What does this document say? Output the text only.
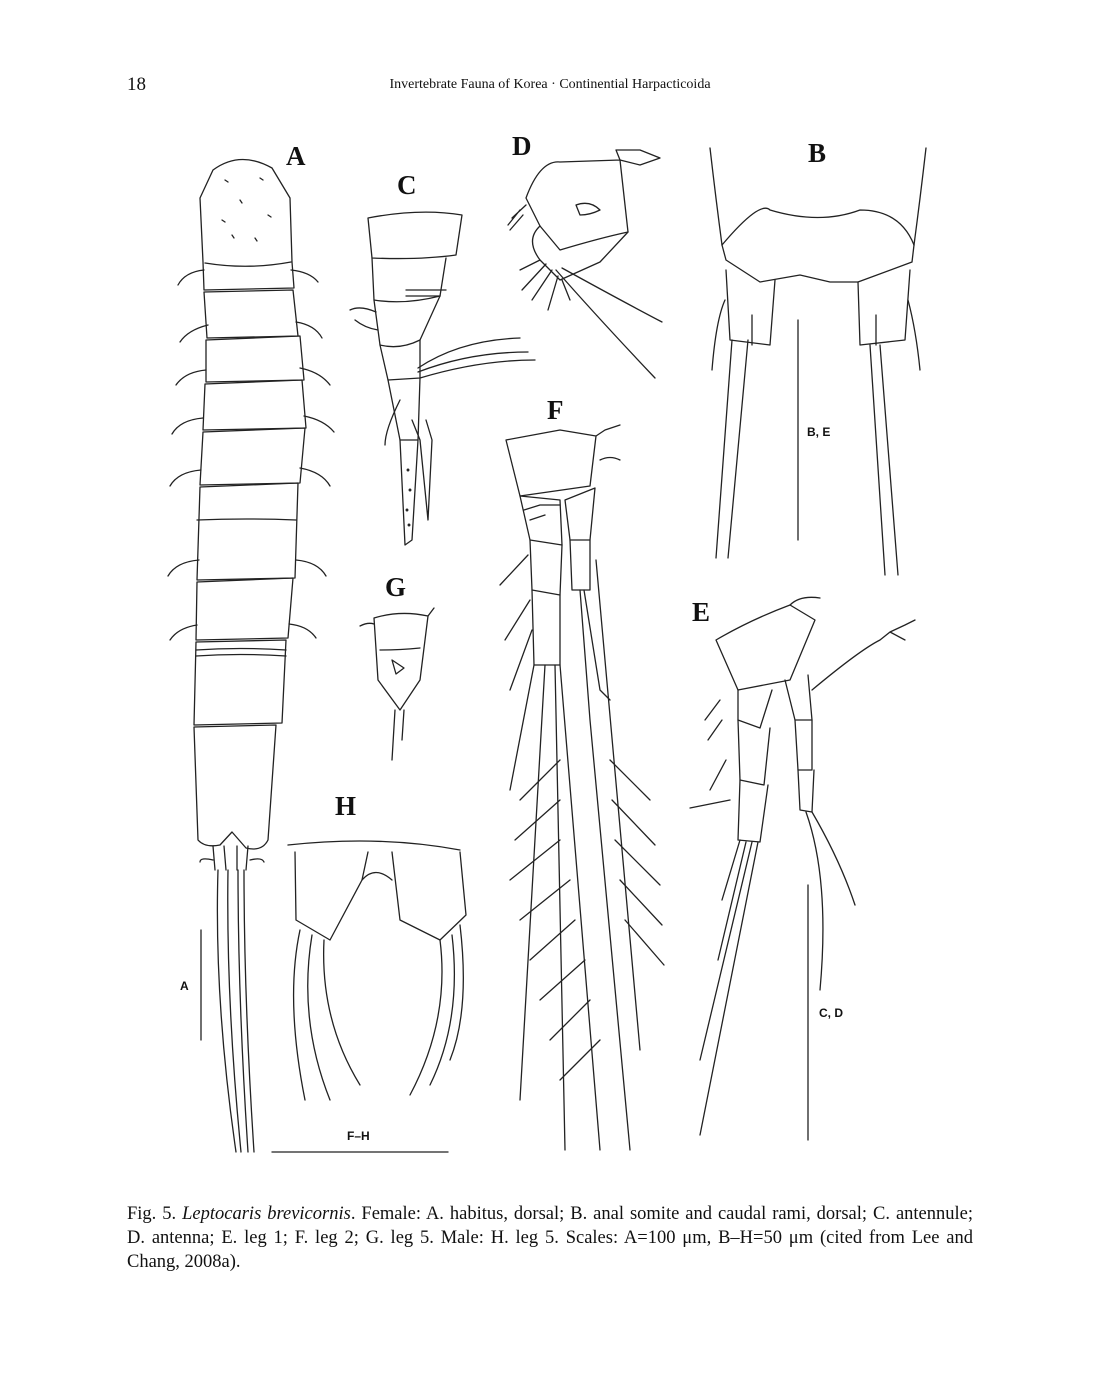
18	Invertebrate Fauna of Korea · Continential Harpacticoida
A	D	B
C
F
G
E
H
A
B, E
C, D
F–H
Fig. 5. Leptocaris brevicornis. Female: A. habitus, dorsal; B. anal somite and caudal rami, dorsal; C. antennule; D. antenna; E. leg 1; F. leg 2; G. leg 5. Male: H. leg 5. Scales: A=100 μm, B–H=50 μm (cited from Lee and Chang, 2008a).
